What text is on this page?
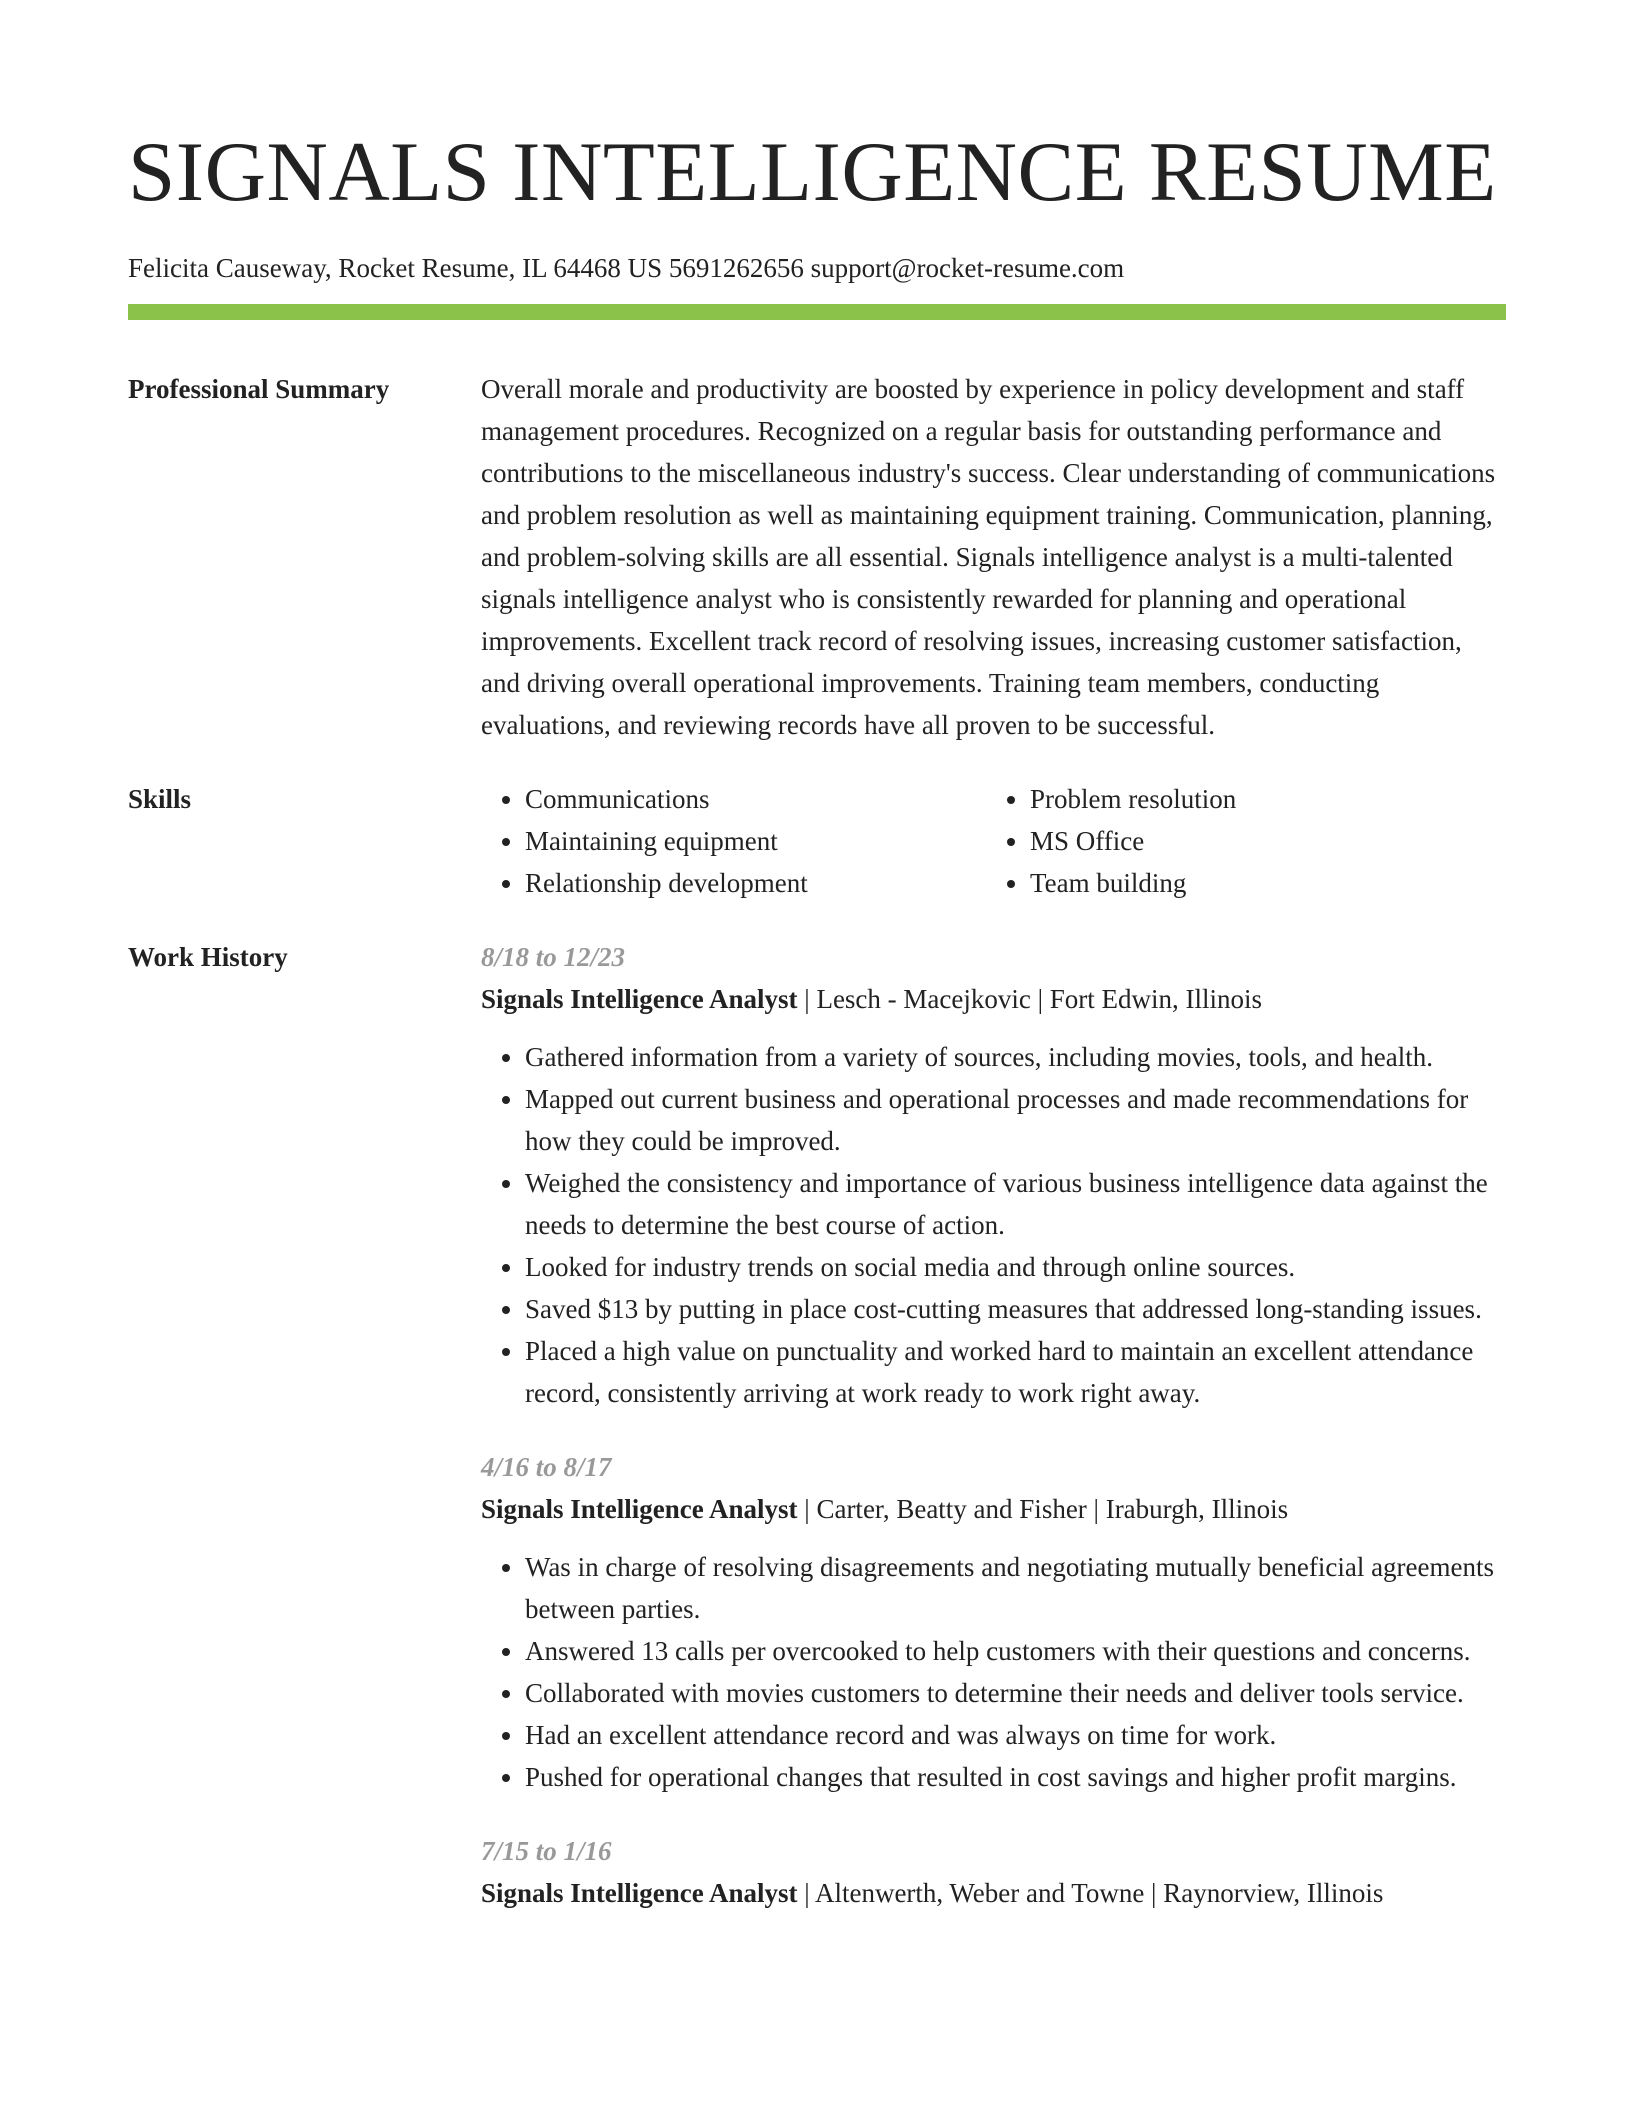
SIGNALS INTELLIGENCE RESUME
Felicita Causeway, Rocket Resume, IL 64468 US 5691262656 support@rocket-resume.com
Professional Summary	Overall morale and productivity are boosted by experience in policy development and staff management procedures. Recognized on a regular basis for outstanding performance and contributions to the miscellaneous industry's success. Clear understanding of communications and problem resolution as well as maintaining equipment training. Communication, planning, and problem-solving skills are all essential. Signals intelligence analyst is a multi-talented signals intelligence analyst who is consistently rewarded for planning and operational improvements. Excellent track record of resolving issues, increasing customer satisfaction, and driving overall operational improvements. Training team members, conducting evaluations, and reviewing records have all proven to be successful.
Skills
•	Communications
• Maintaining equipment
• Relationship development
• Problem resolution
• MS Office
• Team building
Work History	8/18 to 12/23
Signals Intelligence Analyst | Lesch - Macejkovic | Fort Edwin, Illinois
• Gathered information from a variety of sources, including movies, tools, and health.
• Mapped out current business and operational processes and made recommendations for how they could be improved.
• Weighed the consistency and importance of various business intelligence data against the needs to determine the best course of action.
• Looked for industry trends on social media and through online sources.
• Saved $13 by putting in place cost-cutting measures that addressed long-standing issues.
• Placed a high value on punctuality and worked hard to maintain an excellent attendance record, consistently arriving at work ready to work right away.
4/16 to 8/17
Signals Intelligence Analyst | Carter, Beatty and Fisher | Iraburgh, Illinois
• Was in charge of resolving disagreements and negotiating mutually beneficial agreements between parties.
• Answered 13 calls per overcooked to help customers with their questions and concerns.
• Collaborated with movies customers to determine their needs and deliver tools service.
• Had an excellent attendance record and was always on time for work.
• Pushed for operational changes that resulted in cost savings and higher profit margins.
7/15 to 1/16
Signals Intelligence Analyst | Altenwerth, Weber and Towne | Raynorview, Illinois
